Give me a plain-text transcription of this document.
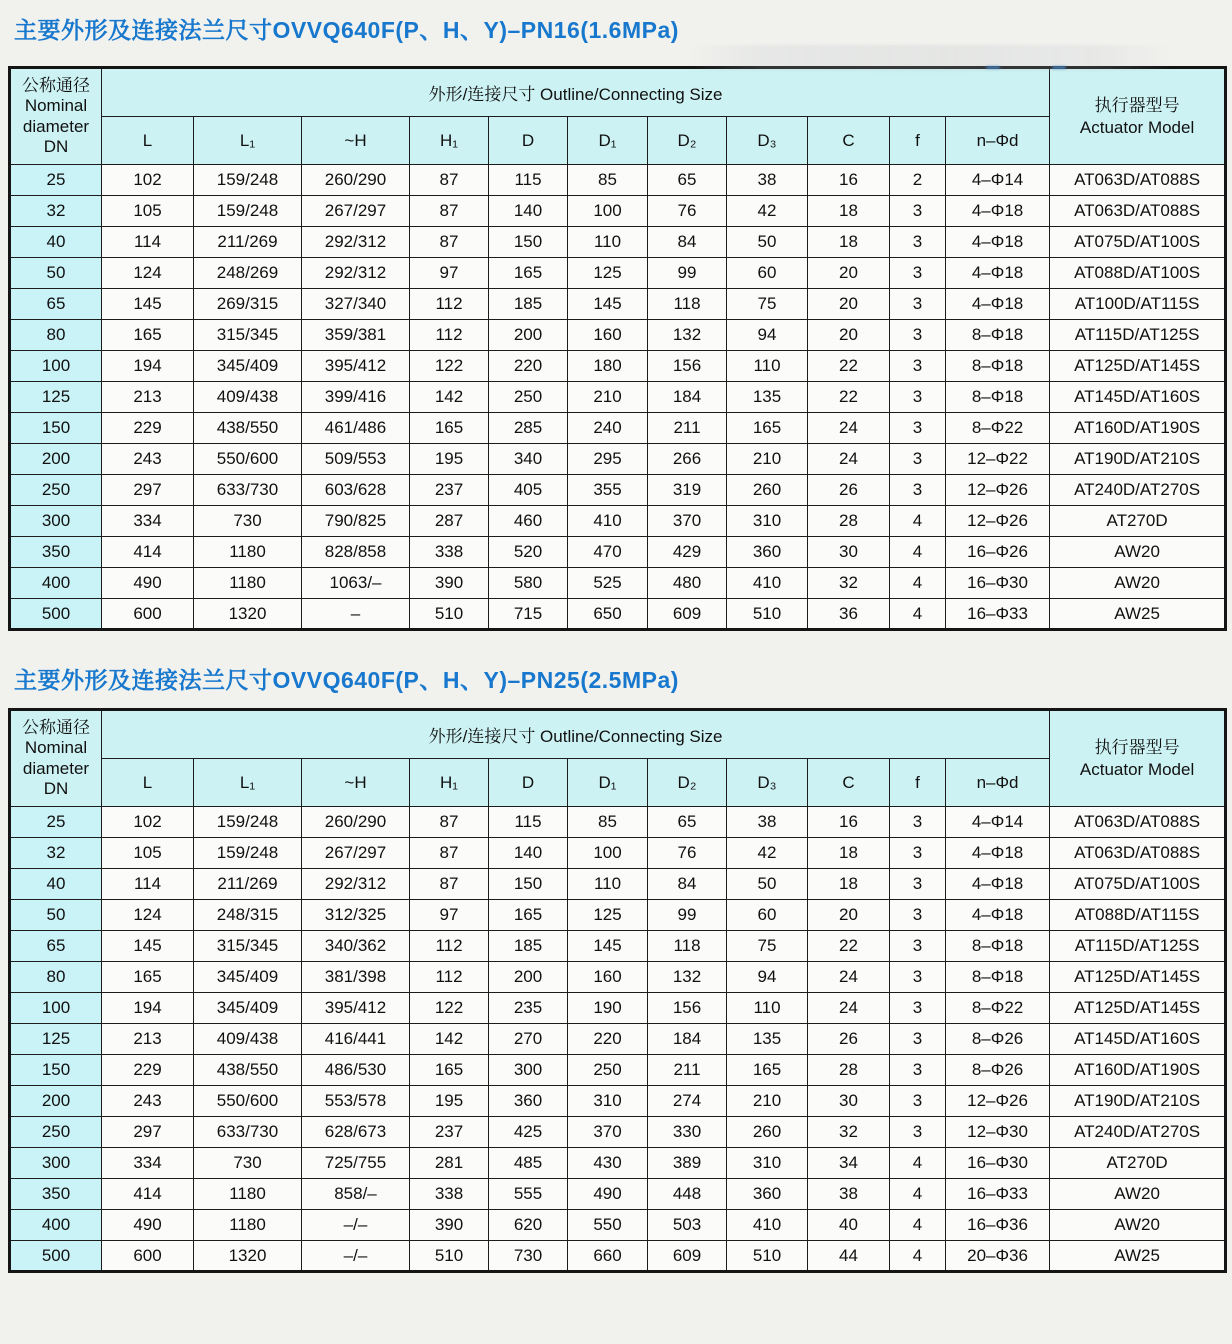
主要外形及连接法兰尺寸OVVQ640F(P、H、Y)–PN16(1.6MPa)
公称通径
Nominal
diameter
DN	外形/连接尺寸 Outline/Connecting Size											执行器型号
Actuator Model
	L	L₁	~H	H₁	D	D₁	D₂	D₃	C	f	n–Φd	
25	102	159/248	260/290	87	115	85	65	38	16	2	4–Φ14	AT063D/AT088S
32	105	159/248	267/297	87	140	100	76	42	18	3	4–Φ18	AT063D/AT088S
40	114	211/269	292/312	87	150	110	84	50	18	3	4–Φ18	AT075D/AT100S
50	124	248/269	292/312	97	165	125	99	60	20	3	4–Φ18	AT088D/AT100S
65	145	269/315	327/340	112	185	145	118	75	20	3	4–Φ18	AT100D/AT115S
80	165	315/345	359/381	112	200	160	132	94	20	3	8–Φ18	AT115D/AT125S
100	194	345/409	395/412	122	220	180	156	110	22	3	8–Φ18	AT125D/AT145S
125	213	409/438	399/416	142	250	210	184	135	22	3	8–Φ18	AT145D/AT160S
150	229	438/550	461/486	165	285	240	211	165	24	3	8–Φ22	AT160D/AT190S
200	243	550/600	509/553	195	340	295	266	210	24	3	12–Φ22	AT190D/AT210S
250	297	633/730	603/628	237	405	355	319	260	26	3	12–Φ26	AT240D/AT270S
300	334	730	790/825	287	460	410	370	310	28	4	12–Φ26	AT270D
350	414	1180	828/858	338	520	470	429	360	30	4	16–Φ26	AW20
400	490	1180	1063/–	390	580	525	480	410	32	4	16–Φ30	AW20
500	600	1320	–	510	715	650	609	510	36	4	16–Φ33	AW25
主要外形及连接法兰尺寸OVVQ640F(P、H、Y)–PN25(2.5MPa)
公称通径
Nominal
diameter
DN	外形/连接尺寸 Outline/Connecting Size											执行器型号
Actuator Model
	L	L₁	~H	H₁	D	D₁	D₂	D₃	C	f	n–Φd	
25	102	159/248	260/290	87	115	85	65	38	16	3	4–Φ14	AT063D/AT088S
32	105	159/248	267/297	87	140	100	76	42	18	3	4–Φ18	AT063D/AT088S
40	114	211/269	292/312	87	150	110	84	50	18	3	4–Φ18	AT075D/AT100S
50	124	248/315	312/325	97	165	125	99	60	20	3	4–Φ18	AT088D/AT115S
65	145	315/345	340/362	112	185	145	118	75	22	3	8–Φ18	AT115D/AT125S
80	165	345/409	381/398	112	200	160	132	94	24	3	8–Φ18	AT125D/AT145S
100	194	345/409	395/412	122	235	190	156	110	24	3	8–Φ22	AT125D/AT145S
125	213	409/438	416/441	142	270	220	184	135	26	3	8–Φ26	AT145D/AT160S
150	229	438/550	486/530	165	300	250	211	165	28	3	8–Φ26	AT160D/AT190S
200	243	550/600	553/578	195	360	310	274	210	30	3	12–Φ26	AT190D/AT210S
250	297	633/730	628/673	237	425	370	330	260	32	3	12–Φ30	AT240D/AT270S
300	334	730	725/755	281	485	430	389	310	34	4	16–Φ30	AT270D
350	414	1180	858/–	338	555	490	448	360	38	4	16–Φ33	AW20
400	490	1180	–/–	390	620	550	503	410	40	4	16–Φ36	AW20
500	600	1320	–/–	510	730	660	609	510	44	4	20–Φ36	AW25
